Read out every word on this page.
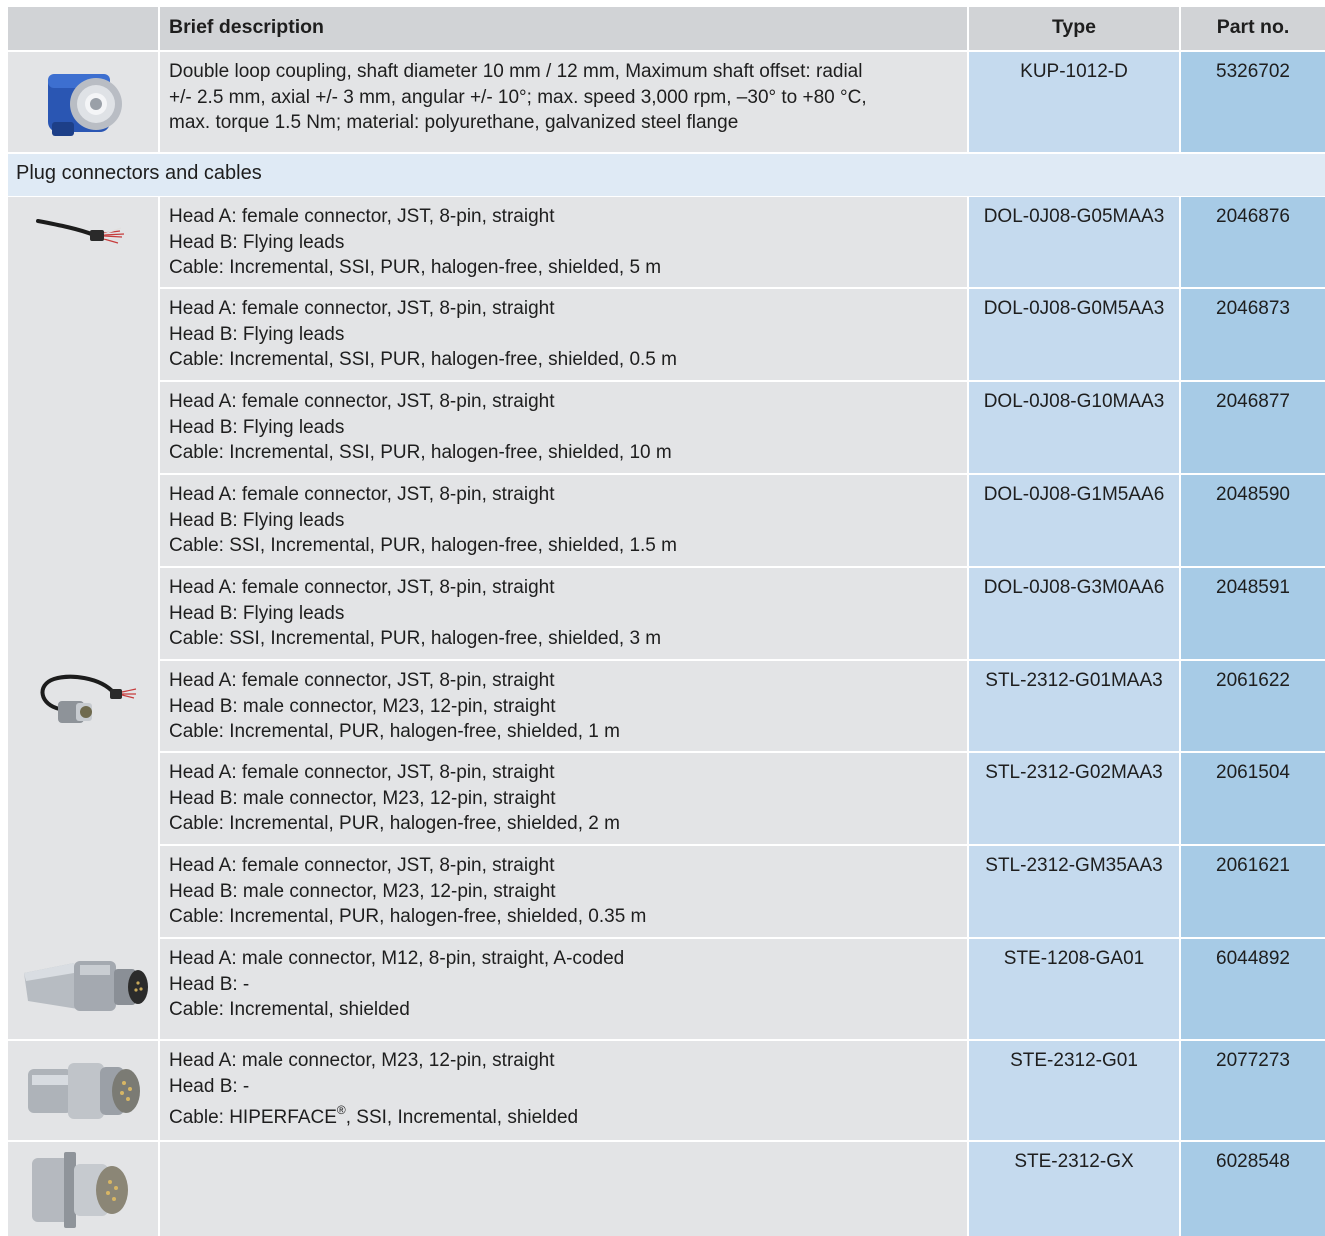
Brief description	Type	Part no.
Double loop coupling, shaft diameter 10 mm / 12 mm, Maximum shaft offset: radial
+/- 2.5 mm, axial +/- 3 mm, angular +/- 10°; max. speed 3,000 rpm, –30° to +80 °C,
max. torque 1.5 Nm; material: polyurethane, galvanized steel flange
KUP-1012-D	5326702
Plug connectors and cables
Head A: female connector, JST, 8-pin, straight
Head B: Flying leads
Cable: Incremental, SSI, PUR, halogen-free, shielded, 5 m
DOL-0J08-G05MAA3	2046876
Head A: female connector, JST, 8-pin, straight
Head B: Flying leads
Cable: Incremental, SSI, PUR, halogen-free, shielded, 0.5 m
DOL-0J08-G0M5AA3	2046873
Head A: female connector, JST, 8-pin, straight
Head B: Flying leads
Cable: Incremental, SSI, PUR, halogen-free, shielded, 10 m
DOL-0J08-G10MAA3	2046877
Head A: female connector, JST, 8-pin, straight
Head B: Flying leads
Cable: SSI, Incremental, PUR, halogen-free, shielded, 1.5 m
DOL-0J08-G1M5AA6	2048590
Head A: female connector, JST, 8-pin, straight
Head B: Flying leads
Cable: SSI, Incremental, PUR, halogen-free, shielded, 3 m
DOL-0J08-G3M0AA6	2048591
Head A: female connector, JST, 8-pin, straight
Head B: male connector, M23, 12-pin, straight
Cable: Incremental, PUR, halogen-free, shielded, 1 m
STL-2312-G01MAA3	2061622
Head A: female connector, JST, 8-pin, straight
Head B: male connector, M23, 12-pin, straight
Cable: Incremental, PUR, halogen-free, shielded, 2 m
STL-2312-G02MAA3	2061504
Head A: female connector, JST, 8-pin, straight
Head B: male connector, M23, 12-pin, straight
Cable: Incremental, PUR, halogen-free, shielded, 0.35 m
STL-2312-GM35AA3	2061621
Head A: male connector, M12, 8-pin, straight, A-coded
Head B: -
Cable: Incremental, shielded
STE-1208-GA01	6044892
Head A: male connector, M23, 12-pin, straight
Head B: -
Cable: HIPERFACE®, SSI, Incremental, shielded
STE-2312-G01	2077273
STE-2312-GX	6028548
